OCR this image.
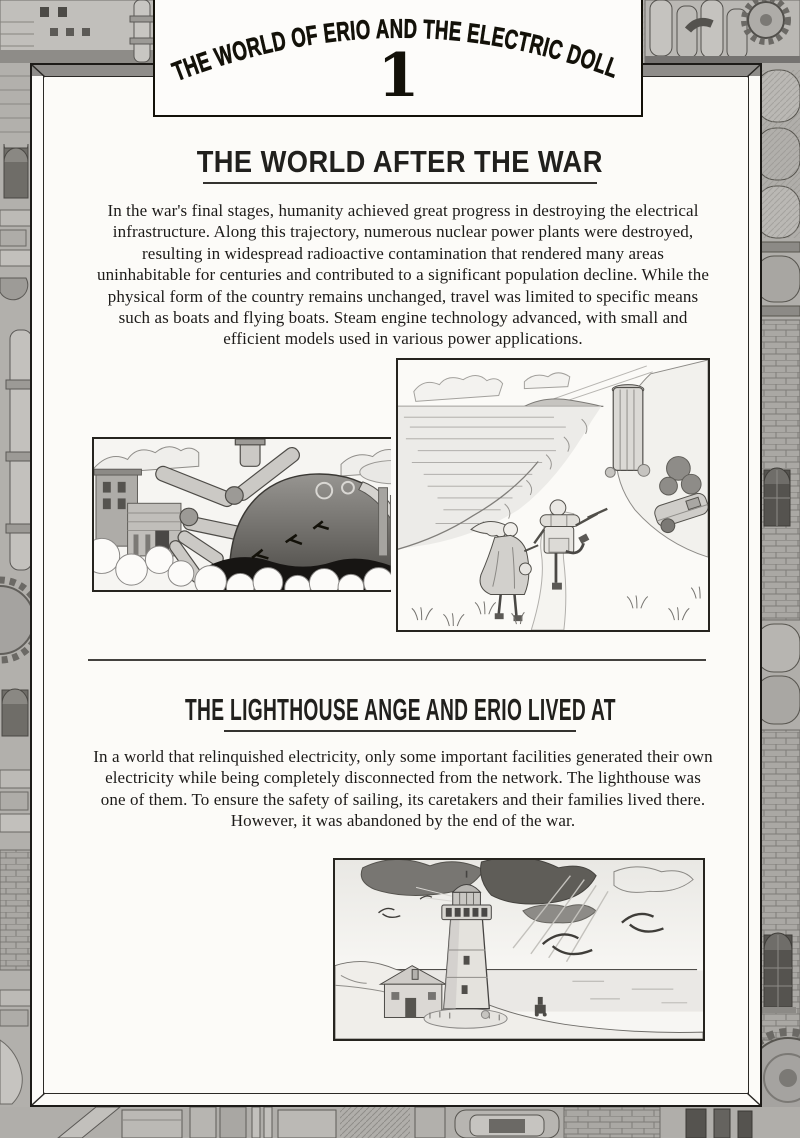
THE WORLD OF ERIO AND THE ELECTRIC DOLL
1
THE WORLD AFTER THE WAR
In the war's final stages, humanity achieved great progress in destroying the electrical infrastructure. Along this trajectory, numerous nuclear power plants were destroyed, resulting in widespread radioactive contamination that rendered many areas uninhabitable for centuries and contributed to a significant population decline. While the physical form of the country remains unchanged, travel was limited to specific means such as boats and flying boats. Steam engine technology advanced, with small and efficient models used in various power applications.
THE LIGHTHOUSE ANGE AND ERIO LIVED AT
In a world that relinquished electricity, only some important facilities generated their own electricity while being completely disconnected from the network. The lighthouse was one of them. To ensure the safety of sailing, its caretakers and their families lived there. However, it was abandoned by the end of the war.
